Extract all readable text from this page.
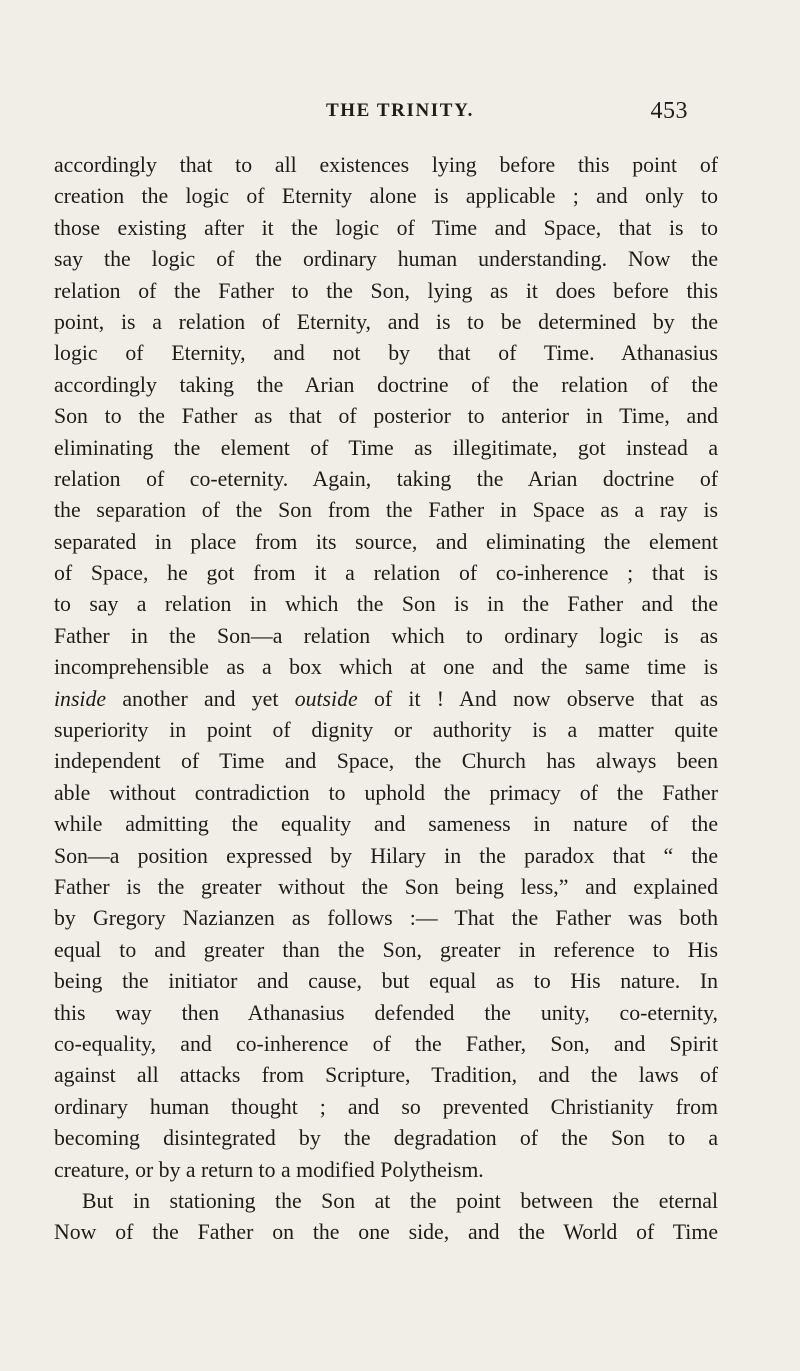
THE TRINITY.	453
accordingly that to all existences lying before this point of
creation the logic of Eternity alone is applicable ; and only to
those existing after it the logic of Time and Space, that is to
say the logic of the ordinary human understanding. Now the
relation of the Father to the Son, lying as it does before this
point, is a relation of Eternity, and is to be determined by the
logic of Eternity, and not by that of Time. Athanasius
accordingly taking the Arian doctrine of the relation of the
Son to the Father as that of posterior to anterior in Time, and
eliminating the element of Time as illegitimate, got instead a
relation of co-eternity. Again, taking the Arian doctrine of
the separation of the Son from the Father in Space as a ray is
separated in place from its source, and eliminating the element
of Space, he got from it a relation of co-inherence ; that is
to say a relation in which the Son is in the Father and the
Father in the Son—a relation which to ordinary logic is as
incomprehensible as a box which at one and the same time is
inside another and yet outside of it ! And now observe that as
superiority in point of dignity or authority is a matter quite
independent of Time and Space, the Church has always been
able without contradiction to uphold the primacy of the Father
while admitting the equality and sameness in nature of the
Son—a position expressed by Hilary in the paradox that “ the
Father is the greater without the Son being less,” and explained
by Gregory Nazianzen as follows :— That the Father was both
equal to and greater than the Son, greater in reference to His
being the initiator and cause, but equal as to His nature. In
this way then Athanasius defended the unity, co-eternity,
co-equality, and co-inherence of the Father, Son, and Spirit
against all attacks from Scripture, Tradition, and the laws of
ordinary human thought ; and so prevented Christianity from
becoming disintegrated by the degradation of the Son to a
creature, or by a return to a modified Polytheism.
But in stationing the Son at the point between the eternal
Now of the Father on the one side, and the World of Time
